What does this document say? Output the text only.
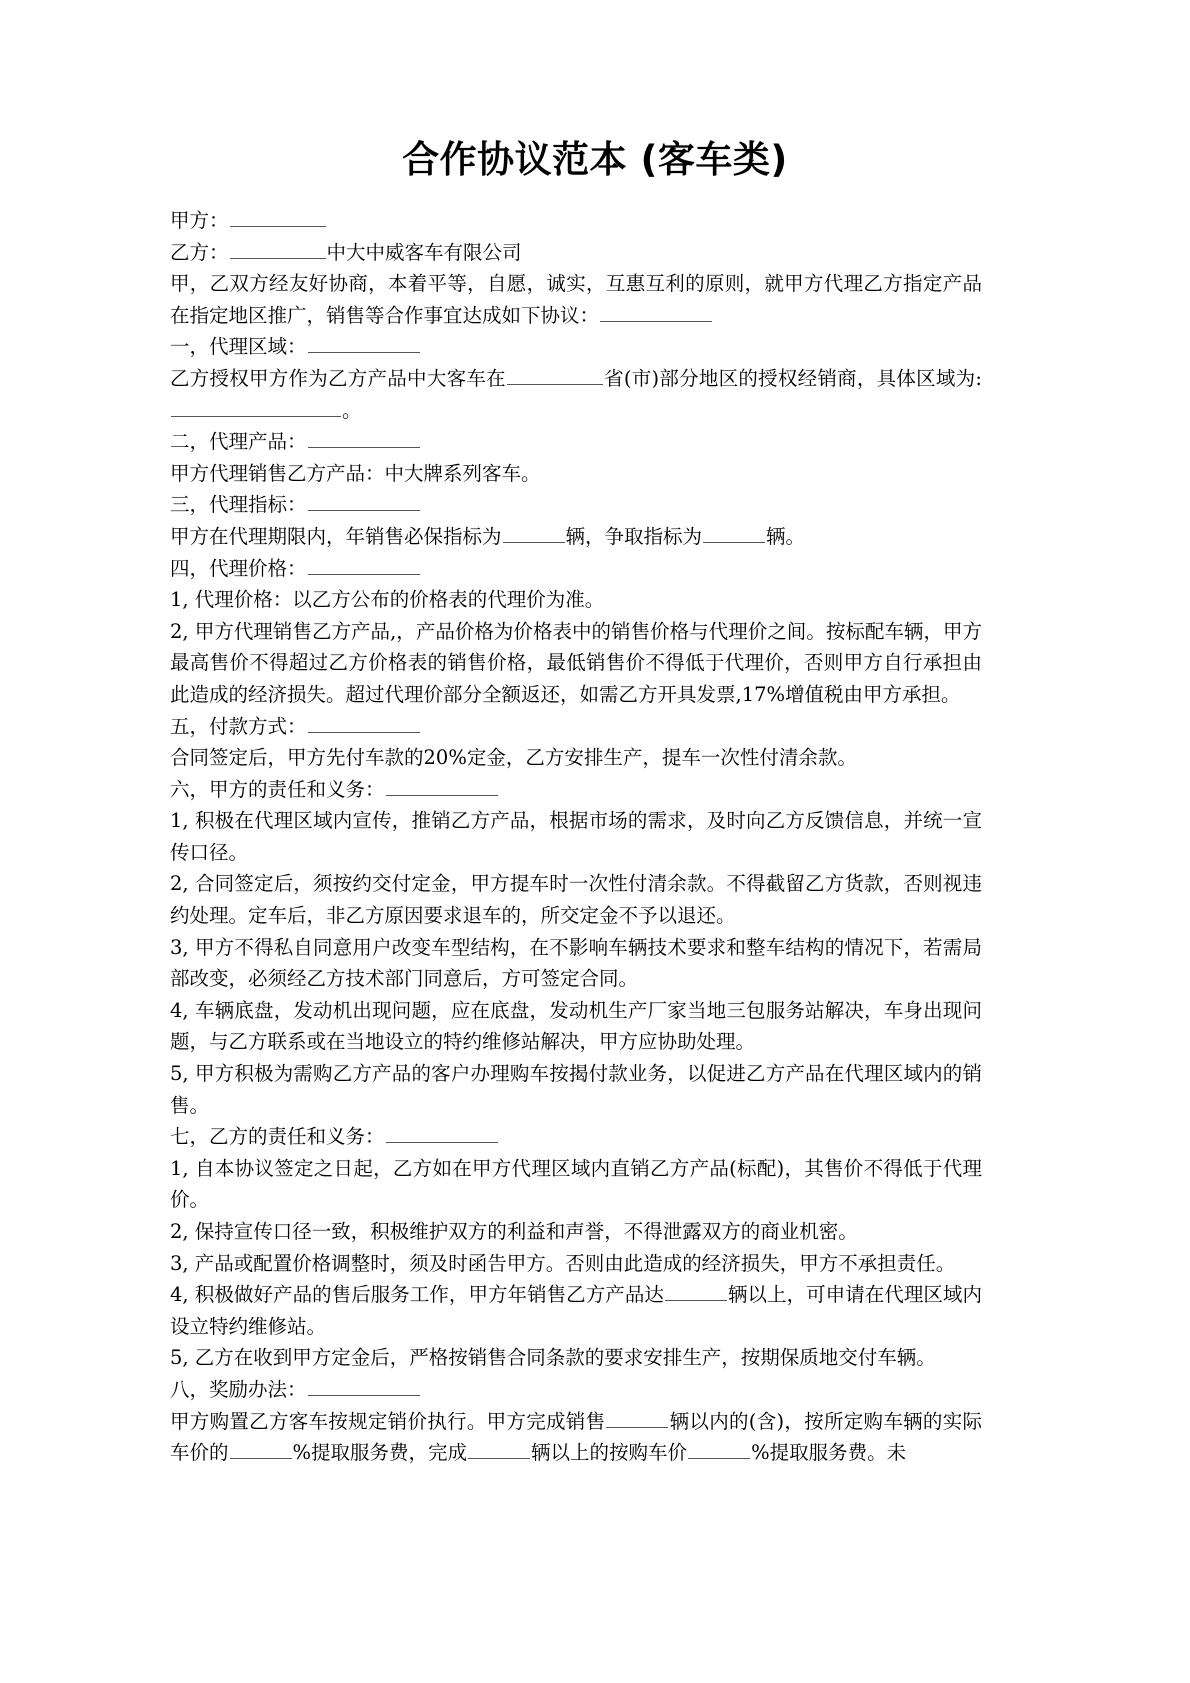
合作协议范本 (客车类)

甲方：

乙方：	中大中威客车有限公司

甲，乙双方经友好协商，本着平等，自愿，诚实，互惠互利的原则，就甲方代理乙方指定产品在指定地区推广，销售等合作事宜达成如下协议：

一，代理区域：

乙方授权甲方作为乙方产品中大客车在	省(市)部分地区的授权经销商，具体区域为:。

二，代理产品：

甲方代理销售乙方产品：中大牌系列客车。

三，代理指标：

甲方在代理期限内，年销售必保指标为	辆，争取指标为	辆。

四，代理价格：

1, 代理价格：以乙方公布的价格表的代理价为准。

2, 甲方代理销售乙方产品,，产品价格为价格表中的销售价格与代理价之间。按标配车辆，甲方最高售价不得超过乙方价格表的销售价格，最低销售价不得低于代理价，否则甲方自行承担由此造成的经济损失。超过代理价部分全额返还，如需乙方开具发票,17%增值税由甲方承担。

五，付款方式：

合同签定后，甲方先付车款的20%定金，乙方安排生产，提车一次性付清余款。

六，甲方的责任和义务：

1, 积极在代理区域内宣传，推销乙方产品，根据市场的需求，及时向乙方反馈信息，并统一宣传口径。

2, 合同签定后，须按约交付定金，甲方提车时一次性付清余款。不得截留乙方货款，否则视违约处理。定车后，非乙方原因要求退车的，所交定金不予以退还。

3, 甲方不得私自同意用户改变车型结构，在不影响车辆技术要求和整车结构的情况下，若需局部改变，必须经乙方技术部门同意后，方可签定合同。

4, 车辆底盘，发动机出现问题，应在底盘，发动机生产厂家当地三包服务站解决，车身出现问题，与乙方联系或在当地设立的特约维修站解决，甲方应协助处理。

5, 甲方积极为需购乙方产品的客户办理购车按揭付款业务，以促进乙方产品在代理区域内的销售。

七，乙方的责任和义务：

1, 自本协议签定之日起，乙方如在甲方代理区域内直销乙方产品(标配)，其售价不得低于代理价。

2, 保持宣传口径一致，积极维护双方的利益和声誉，不得泄露双方的商业机密。

3, 产品或配置价格调整时，须及时函告甲方。否则由此造成的经济损失，甲方不承担责任。

4, 积极做好产品的售后服务工作，甲方年销售乙方产品达	辆以上，可申请在代理区域内设立特约维修站。

5, 乙方在收到甲方定金后，严格按销售合同条款的要求安排生产，按期保质地交付车辆。

八，奖励办法：

甲方购置乙方客车按规定销价执行。甲方完成销售	辆以内的(含)，按所定购车辆的实际车价的	%提取服务费，完成	辆以上的按购车价	%提取服务费。未
